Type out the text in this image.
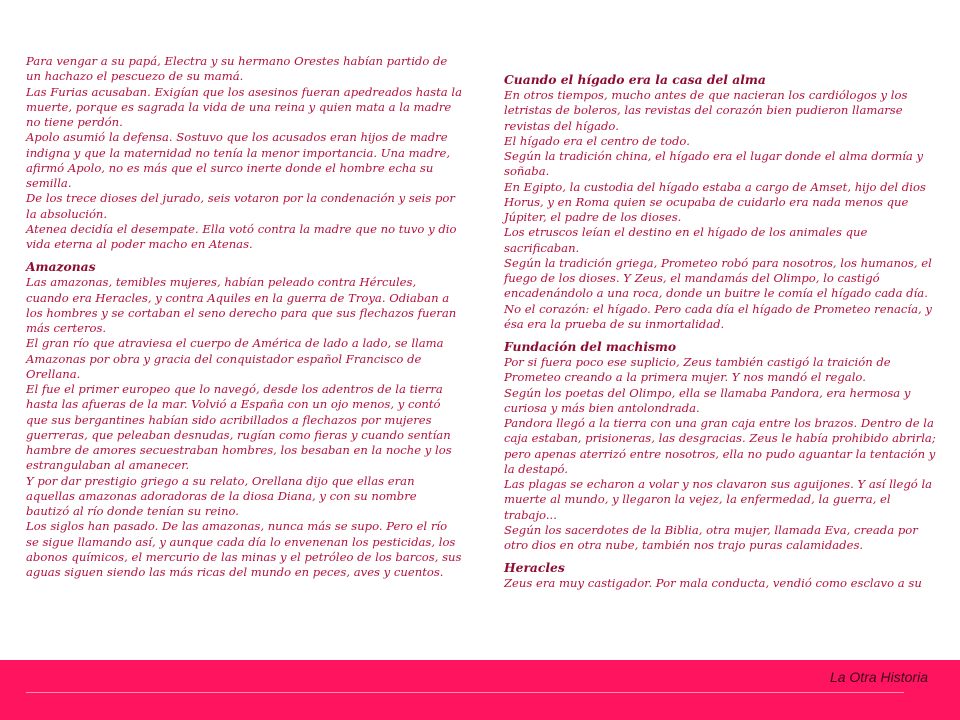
Para vengar a su papá, Electra y su hermano Orestes habían partido de un hachazo el pescuezo de su mamá.

Las Furias acusaban. Exigían que los asesinos fueran apedreados hasta la muerte, porque es sagrada la vida de una reina y quien mata a la madre no tiene perdón.

Apolo asumió la defensa. Sostuvo que los acusados eran hijos de madre indigna y que la maternidad no tenía la menor importancia. Una madre, afirmó Apolo, no es más que el surco inerte donde el hombre echa su semilla.

De los trece dioses del jurado, seis votaron por la condenación y seis por la absolución.

Atenea decidía el desempate. Ella votó contra la madre que no tuvo y dio vida eterna al poder macho en Atenas.

Amazonas

Las amazonas, temibles mujeres, habían peleado contra Hércules, cuando era Heracles, y contra Aquiles en la guerra de Troya. Odiaban a los hombres y se cortaban el seno derecho para que sus flechazos fueran más certeros.

El gran río que atraviesa el cuerpo de América de lado a lado, se llama Amazonas por obra y gracia del conquistador español Francisco de Orellana.

El fue el primer europeo que lo navegó, desde los adentros de la tierra hasta las afueras de la mar. Volvió a España con un ojo menos, y contó que sus bergantines habían sido acribillados a flechazos por mujeres guerreras, que peleaban desnudas, rugían como fieras y cuando sentían hambre de amores secuestraban hombres, los besaban en la noche y los estrangulaban al amanecer.

Y por dar prestigio griego a su relato, Orellana dijo que ellas eran aquellas amazonas adoradoras de la diosa Diana, y con su nombre bautizó al río donde tenían su reino.

Los siglos han pasado. De las amazonas, nunca más se supo. Pero el río se sigue llamando así, y aunque cada día lo envenenan los pesticidas, los abonos químicos, el mercurio de las minas y el petróleo de los barcos, sus aguas siguen siendo las más ricas del mundo en peces, aves y cuentos.

Cuando el hígado era la casa del alma

En otros tiempos, mucho antes de que nacieran los cardiólogos y los letristas de boleros, las revistas del corazón bien pudieron llamarse revistas del hígado.

El hígado era el centro de todo.

Según la tradición china, el hígado era el lugar donde el alma dormía y soñaba.

En Egipto, la custodia del hígado estaba a cargo de Amset, hijo del dios Horus, y en Roma quien se ocupaba de cuidarlo era nada menos que Júpiter, el padre de los dioses.

Los etruscos leían el destino en el hígado de los animales que sacrificaban.

Según la tradición griega, Prometeo robó para nosotros, los humanos, el fuego de los dioses. Y Zeus, el mandamás del Olimpo, lo castigó encadenándolo a una roca, donde un buitre le comía el hígado cada día. No el corazón: el hígado. Pero cada día el hígado de Prometeo renacía, y ésa era la prueba de su inmortalidad.

Fundación del machismo

Por si fuera poco ese suplicio, Zeus también castigó la traición de Prometeo creando a la primera mujer. Y nos mandó el regalo.

Según los poetas del Olimpo, ella se llamaba Pandora, era hermosa y curiosa y más bien antolondrada.

Pandora llegó a la tierra con una gran caja entre los brazos. Dentro de la caja estaban, prisioneras, las desgracias. Zeus le había prohibido abrirla; pero apenas aterrizó entre nosotros, ella no pudo aguantar la tentación y la destapó.

Las plagas se echaron a volar y nos clavaron sus aguijones. Y así llegó la muerte al mundo, y llegaron la vejez, la enfermedad, la guerra, el trabajo...

Según los sacerdotes de la Biblia, otra mujer, llamada Eva, creada por otro dios en otra nube, también nos trajo puras calamidades.

Heracles

Zeus era muy castigador. Por mala conducta, vendió como esclavo a su

La Otra Historia
